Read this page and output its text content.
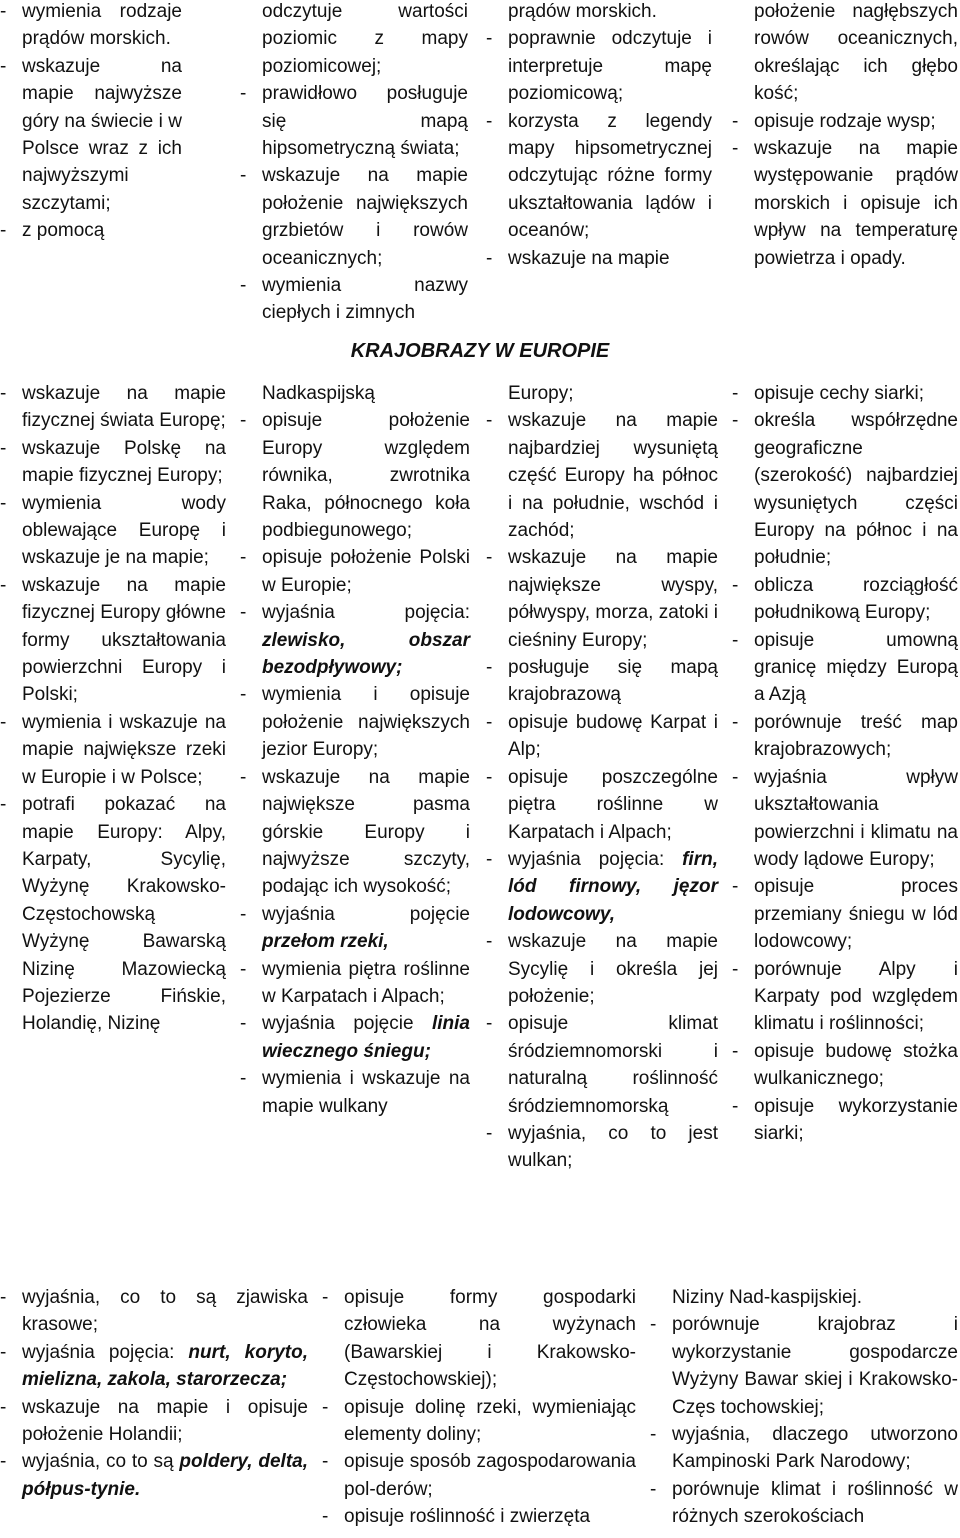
- wymienia rodzaje prądów morskich.
- wskazuje na mapie najwyższe góry na świecie i w Polsce wraz z ich najwyższymi szczytami;
- z pomocą
odczytuje wartości poziomic z mapy poziomicowej;
- prawidłowo posługuje się mapą hipsometryczną świata;
- wskazuje na mapie położenie największych grzbietów i rowów oceanicznych;
- wymienia nazwy ciepłych i zimnych
prądów morskich.
- poprawnie odczytuje i interpretuje mapę poziomicową;
- korzysta z legendy mapy hipsometrycznej odczytując różne formy ukształtowania lądów i oceanów;
- wskazuje na mapie
położenie nagłębszych rowów oceanicznych, określając ich głębo kość;
- opisuje rodzaje wysp;
- wskazuje na mapie występowanie prądów morskich i opisuje ich wpływ na temperaturę powietrza i opady.
KRAJOBRAZY W EUROPIE
- wskazuje na mapie fizycznej świata Europę;
- wskazuje Polskę na mapie fizycznej Europy;
- wymienia wody oblewające Europę i wskazuje je na mapie;
- wskazuje na mapie fizycznej Europy główne formy ukształtowania powierzchni Europy i Polski;
- wymienia i wskazuje na mapie największe rzeki w Europie i w Polsce;
- potrafi pokazać na mapie Europy: Alpy, Karpaty, Sycylię, Wyżynę Krakowsko-Częstochowską Wyżynę Bawarską Nizinę Mazowiecką Pojezierze Fińskie, Holandię, Nizinę
Nadkaspijską
- opisuje położenie Europy względem równika, zwrotnika Raka, północnego koła podbiegunowego;
- opisuje położenie Polski w Europie;
- wyjaśnia pojęcia: zlewisko, obszar bezodpływowy;
- wymienia i opisuje położenie największych jezior Europy;
- wskazuje na mapie największe pasma górskie Europy i najwyższe szczyty, podając ich wysokość;
- wyjaśnia pojęcie przełom rzeki,
- wymienia piętra roślinne w Karpatach i Alpach;
- wyjaśnia pojęcie linia wiecznego śniegu;
- wymienia i wskazuje na mapie wulkany
Europy;
- wskazuje na mapie najbardziej wysuniętą część Europy ha północ i na południe, wschód i zachód;
- wskazuje na mapie największe wyspy, półwyspy, morza, zatoki i cieśniny Europy;
- posługuje się mapą krajobrazową
- opisuje budowę Karpat i Alp;
- opisuje poszczególne piętra roślinne w Karpatach i Alpach;
- wyjaśnia pojęcia: firn, lód firnowy, jęzor lodowcowy,
- wskazuje na mapie Sycylię i określa jej położenie;
- opisuje klimat śródziemnomorski i naturalną roślinność śródziemnomorską
- wyjaśnia, co to jest wulkan;
- opisuje cechy siarki;
- określa współrzędne geograficzne (szerokość) najbardziej wysuniętych części Europy na północ i na południe;
- oblicza rozciągłość południkową Europy;
- opisuje umowną granicę między Europą a Azją
- porównuje treść map krajobrazowych;
- wyjaśnia wpływ ukształtowania powierzchni i klimatu na wody lądowe Europy;
- opisuje proces przemiany śniegu w lód lodowcowy;
- porównuje Alpy i Karpaty pod względem klimatu i roślinności;
- opisuje budowę stożka wulkanicznego;
- opisuje wykorzystanie siarki;
- wyjaśnia, co to są zjawiska krasowe;
- wyjaśnia pojęcia: nurt, koryto, mielizna, zakola, starorzecza;
- wskazuje na mapie i opisuje położenie Holandii;
- wyjaśnia, co to są poldery, delta, półpus-tynie.
- opisuje formy gospodarki człowieka na wyżynach (Bawarskiej i Krakowsko-Częstochowskiej);
- opisuje dolinę rzeki, wymieniając elementy doliny;
- opisuje sposób zagospodarowania pol-derów;
- opisuje roślinność i zwierzęta
Niziny Nad-kaspijskiej.
- porównuje krajobraz i wykorzystanie gospodarcze Wyżyny Bawar skiej i Krakowsko-Częs tochowskiej;
- wyjaśnia, dlaczego utworzono Kampinoski Park Narodowy;
- porównuje klimat i roślinność w różnych szerokościach
